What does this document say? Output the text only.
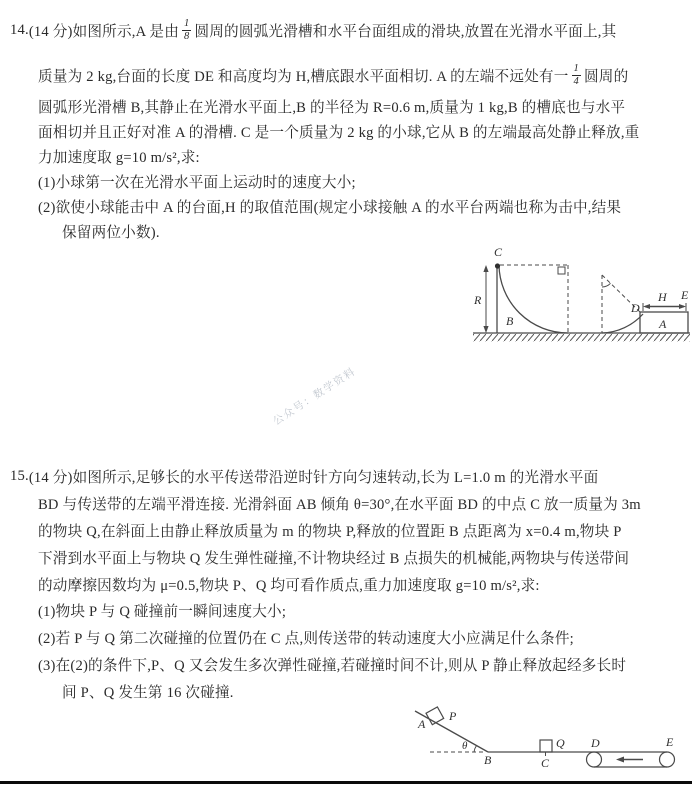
14. (14 分)如图所示,A 是由 $\frac{1}{8}$ 圆周的圆弧光滑槽和水平台面组成的滑块,放置在光滑水平面上,其
质量为 2 kg,台面的长度 DE 和高度均为 H,槽底跟水平面相切. A 的左端不远处有一 $\frac{1}{4}$ 圆周的
圆弧形光滑槽 B,其静止在光滑水平面上,B 的半径为 R=0.6 m,质量为 1 kg,B 的槽底也与水平
面相切并且正好对准 A 的滑槽. C 是一个质量为 2 kg 的小球,它从 B 的左端最高处静止释放,重
力加速度取 g=10 m/s²,求:
(1)小球第一次在光滑水平面上运动时的速度大小;
(2)欲使小球能击中 A 的台面,H 的取值范围(规定小球接触 A 的水平台两端也称为击中,结果
保留两位小数).
C
R
B
D
H E
A
公众号：数学资料
15. (14 分)如图所示,足够长的水平传送带沿逆时针方向匀速转动,长为 L=1.0 m 的光滑水平面
BD 与传送带的左端平滑连接. 光滑斜面 AB 倾角 θ=30°,在水平面 BD 的中点 C 放一质量为 3m
的物块 Q,在斜面上由静止释放质量为 m 的物块 P,释放的位置距 B 点距离为 x=0.4 m,物块 P
下滑到水平面上与物块 Q 发生弹性碰撞,不计物块经过 B 点损失的机械能,两物块与传送带间
的动摩擦因数均为 μ=0.5,物块 P、Q 均可看作质点,重力加速度取 g=10 m/s²,求:
(1)物块 P 与 Q 碰撞前一瞬间速度大小;
(2)若 P 与 Q 第二次碰撞的位置仍在 C 点,则传送带的转动速度大小应满足什么条件;
(3)在(2)的条件下,P、Q 又会发生多次弹性碰撞,若碰撞时间不计,则从 P 静止释放起经多长时
间 P、Q 发生第 16 次碰撞.
A
P
θ
B
Q
C
D	E
